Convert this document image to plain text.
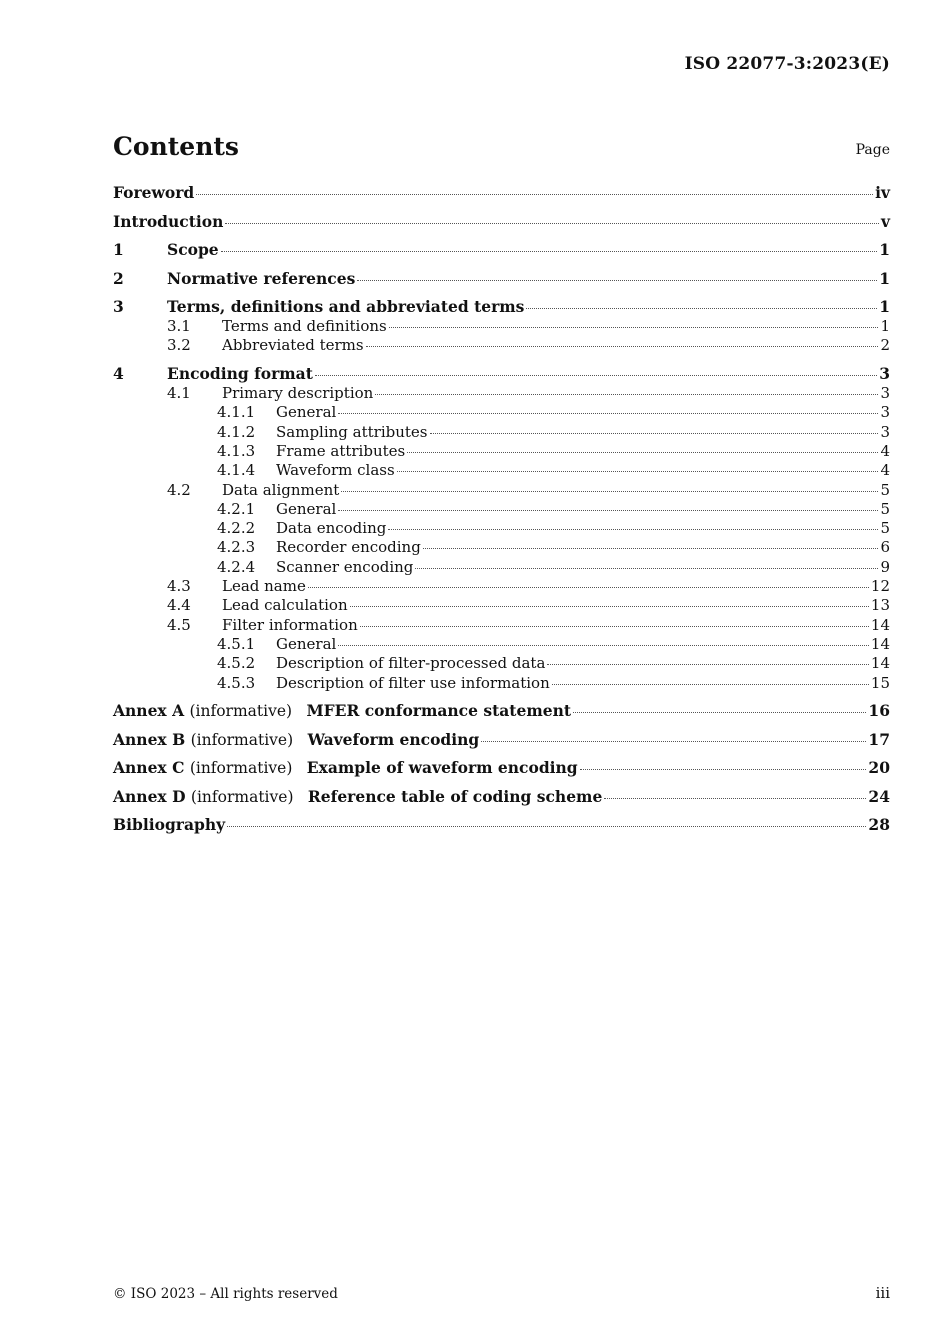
ISO 22077-3:2023(E)
Contents	Page
Foreword	iv
Introduction	v
1	Scope	1
2	Normative references	1
3	Terms, definitions and abbreviated terms	1
3.1	Terms and definitions	1
3.2	Abbreviated terms	2
4	Encoding format	3
4.1	Primary description	3
4.1.1	General	3
4.1.2	Sampling attributes	3
4.1.3	Frame attributes	4
4.1.4	Waveform class	4
4.2	Data alignment	5
4.2.1	General	5
4.2.2	Data encoding	5
4.2.3	Recorder encoding	6
4.2.4	Scanner encoding	9
4.3	Lead name	12
4.4	Lead calculation	13
4.5	Filter information	14
4.5.1	General	14
4.5.2	Description of filter-processed data	14
4.5.3	Description of filter use information	15
Annex A (informative) MFER conformance statement	16
Annex B (informative) Waveform encoding	17
Annex C (informative) Example of waveform encoding	20
Annex D (informative) Reference table of coding scheme	24
Bibliography	28
© ISO 2023 – All rights reserved	iii
